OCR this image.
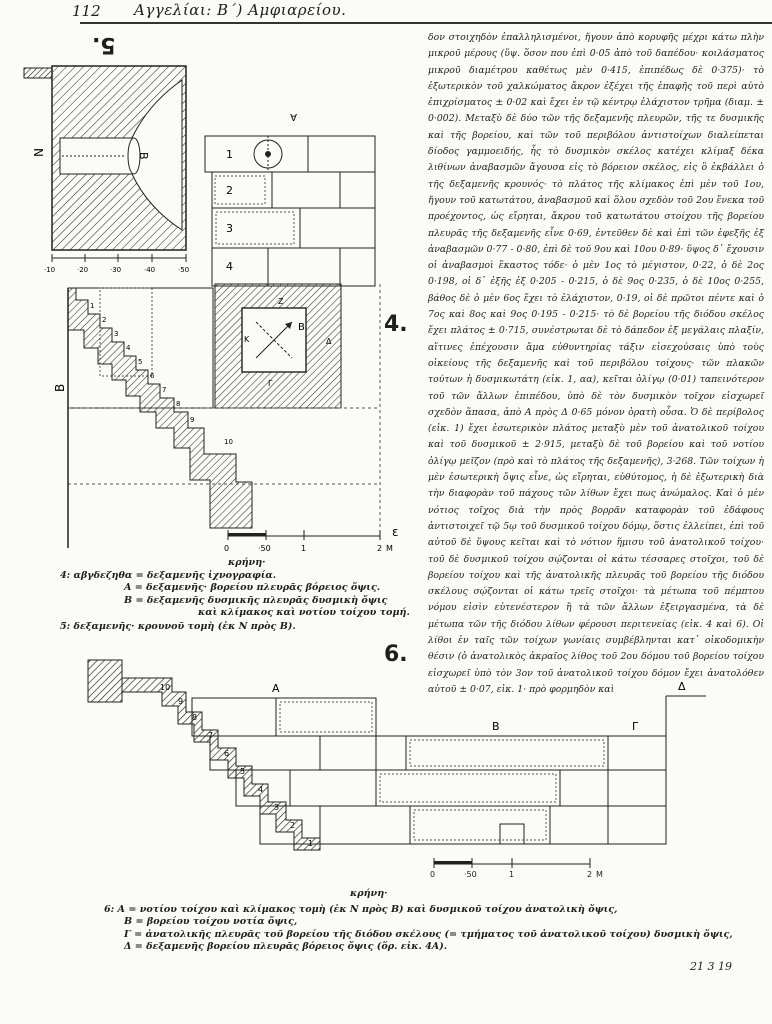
112 Αγγελίαι: Β΄) Αμφιαρείου.
5.
4.
6.
Ν	Β
·10	·20	·30	·40	·50
Α
1
2
3
4
Β
Κ
Ζ
Γ
Δ
Β
1
2
3
4
5
6
7
8
9
10
ε
0	·50	1	2 Μ
κρήνη·
4: αβγδεζηθα = δεξαμενῆς ἰχνογραφία.
Α = δεξαμενῆς· βορείου πλευρᾶς βόρειος ὄψις.
Β = δεξαμενῆς δυσμικῆς πλευρᾶς δυσμικὴ ὄψις
καὶ κλίμακος καὶ νοτίου τοίχου τομή.
5: δεξαμενῆς· κρουνοῦ τομὴ (ἐκ Ν πρὸς Β).

δον στοιχηδὸν ἐπαλληλισμένοι, ἤγουν ἀπὸ κορυφῆς μέχρι κάτω πλὴν μικροῦ μέρους (ὕψ. ὅσον που ἐπὶ 0·05 ἀπὸ τοῦ δαπέδου· κοιλάσματος μικροῦ διαμέτρου καθέτως μὲν 0·415, ἐπιπέδως δὲ 0·375)· τὸ ἐξωτερικὸν τοῦ χαλκώματος ἄκρον ἐξέχει τῆς ἐπαφῆς τοῦ περὶ αὐτὸ ἐπιχρίσματος ± 0·02 καὶ ἔχει ἐν τῷ κέντρῳ ἐλάχιστον τρῆμα (διαμ. ± 0·002). Μεταξὺ δὲ δύο τῶν τῆς δεξαμενῆς πλευρῶν, τῆς τε δυσμικῆς καὶ τῆς βορείου, καὶ τῶν τοῦ περιβόλου ἀντιστοίχων διαλείπεται δίοδος γαμμοειδής, ἧς τὸ δυσμικὸν σκέλος κατέχει κλίμαξ δέκα λιθίνων ἀναβασμῶν ἄγουσα εἰς τὸ βόρειον σκέλος, εἰς ὃ ἐκβάλλει ὁ τῆς δεξαμενῆς κρουνός· τὸ πλάτος τῆς κλίμακος ἐπὶ μὲν τοῦ 1ου, ἤγουν τοῦ κατωτάτου, ἀναβασμοῦ καὶ ὅλου σχεδὸν τοῦ 2ου ἕνεκα τοῦ προέχοντος, ὡς εἴρηται, ἄκρου τοῦ κατωτάτου στοίχου τῆς βορείου πλευρᾶς τῆς δεξαμενῆς εἶνε 0·69, ἐντεῦθεν δὲ καὶ ἐπὶ τῶν ἐφεξῆς ἐξ ἀναβασμῶν 0·77 - 0·80, ἐπὶ δὲ τοῦ 9ου καὶ 10ου 0·89· ὕψος δ᾽ ἔχουσιν οἱ ἀναβασμοὶ ἕκαστος τόδε· ὁ μὲν 1ος τὸ μέγιστον, 0·22, ὁ δὲ 2ος 0·198, οἱ δ᾽ ἐξῆς ἐξ 0·205 - 0·215, ὁ δὲ 9ος 0·235, ὁ δὲ 10ος 0·255, βάθος δὲ ὁ μὲν 6ος ἔχει τὸ ἐλάχιστον, 0·19, οἱ δὲ πρῶτοι πέντε καὶ ὁ 7ος καὶ 8ος καὶ 9ος 0·195 - 0·215· τὸ δὲ βορείου τῆς διόδου σκέλος ἔχει πλάτος ± 0·715, συνέστρωται δὲ τὸ δάπεδον ἐξ μεγάλαις πλαξίν, αἵτινες ἐπέχουσιν ἅμα εὐθυντηρίας τάξιν εἰσεχούσαις ὑπὸ τοὺς οἰκείους τῆς δεξαμενῆς καὶ τοῦ περιβόλου τοίχους· τῶν πλακῶν τούτων ἡ δυσμικωτάτη (εἰκ. 1, αα), κεῖται ὀλίγῳ (0·01) ταπεινότερον τοῦ τῶν ἄλλων ἐπιπέδου, ὑπὸ δὲ τὸν δυσμικὸν τοῖχον εἰσχωρεῖ σχεδὸν ἅπασα, ἀπὸ Α πρὸς Δ 0·65 μόνον ὁρατὴ οὖσα. Ὁ δὲ περίβολος (εἰκ. 1) ἔχει ἐσωτερικὸν πλάτος μεταξὺ μὲν τοῦ ἀνατολικοῦ τοίχου καὶ τοῦ δυσμικοῦ ± 2·915, μεταξὺ δὲ τοῦ βορείου καὶ τοῦ νοτίου ὀλίγῳ μεῖζον (πρὸ καὶ τὸ πλάτος τῆς δεξαμενῆς), 3·268. Τῶν τοίχων ἡ μὲν ἐσωτερικὴ ὄψις εἶνε, ὡς εἴρηται, εὐθύτομος, ἡ δὲ ἐξωτερικὴ διὰ τὴν διαφορὰν τοῦ πάχους τῶν λίθων ἔχει πως ἀνώμαλος. Καὶ ὁ μὲν νότιος τοῖχος διὰ τὴν πρὸς βορρᾶν καταφορὰν τοῦ ἐδάφους ἀντιστοιχεῖ τῷ 5ῳ τοῦ δυσμικοῦ τοίχου δόμῳ, ὅστις ἐλλείπει, ἐπὶ τοῦ αὐτοῦ δὲ ὕψους κεῖται καὶ τὸ νότιον ἥμισυ τοῦ ἀνατολικοῦ τοίχου· τοῦ δὲ δυσμικοῦ τοίχου σῴζονται οἱ κάτω τέσσαρες στοῖχοι, τοῦ δὲ βορείου τοίχου καὶ τῆς ἀνατολικῆς πλευρᾶς τοῦ βορείου τῆς διόδου σκέλους σῴζονται οἱ κάτω τρεῖς στοῖχοι· τὰ μέτωπα τοῦ πέμπτου νόμου εἰσὶν εὐτενέστερον ἢ τὰ τῶν ἄλλων ἐξειργασμένα, τὰ δὲ μέτωπα τῶν τῆς διόδου λίθων φέρουσι περιτενείας (εἰκ. 4 καὶ 6). Οἱ λίθοι ἐν ταῖς τῶν τοίχων γωνίαις συμβέβληνται κατ᾽ οἰκοδομικὴν θέσιν (ὁ ἀνατολικὸς ἀκραῖος λίθος τοῦ 2ου δόμου τοῦ βορείου τοίχου εἰσχωρεῖ ὑπὸ τὸν 3ον τοῦ ἀνατολικοῦ τοίχου δόμον ἔχει ἀνατολόθεν αὐτοῦ ± 0·07, εἰκ. 1· πρὸ φορμηδὸν καὶ

Α
Β	Γ
Δ
1
2
3
4
5
6
7
8
9
10
0	·50	1	2 Μ
κρήνη·
6: Α = νοτίου τοίχου καὶ κλίμακος τομὴ (ἐκ Ν πρὸς Β) καὶ δυσμικοῦ τοίχου ἀνατολικὴ ὄψις,
Β = βορείου τοίχου νοτία ὄψις,
Γ = ἀνατολικῆς πλευρᾶς τοῦ βορείου τῆς διόδου σκέλους (= τμήματος τοῦ ἀνατολικοῦ τοίχου) δυσμικὴ ὄψις,
Δ = δεξαμενῆς βορείου πλευρᾶς βόρειος ὄψις (ὅρ. εἰκ. 4Α).
21 3 19
